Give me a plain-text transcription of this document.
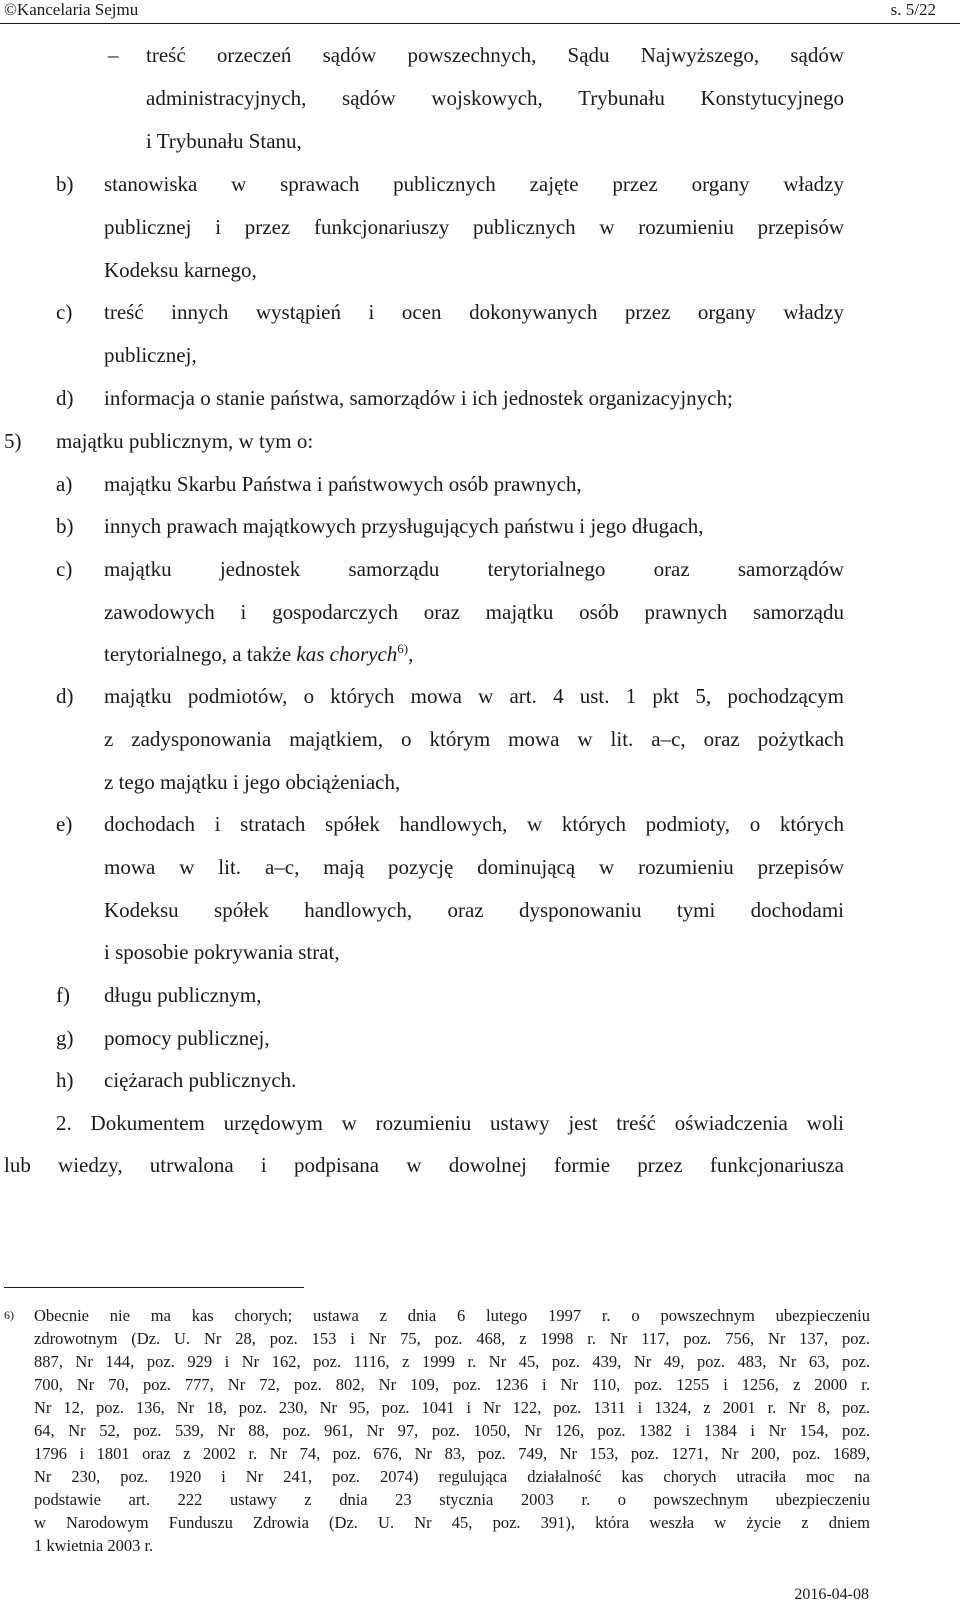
©Kancelaria Sejmu	s. 5/22
– treść orzeczeń sądów powszechnych, Sądu Najwyższego, sądów
administracyjnych, sądów wojskowych, Trybunału Konstytucyjnego
i Trybunału Stanu,
b) stanowiska w sprawach publicznych zajęte przez organy władzy
publicznej i przez funkcjonariuszy publicznych w rozumieniu przepisów
Kodeksu karnego,
c) treść innych wystąpień i ocen dokonywanych przez organy władzy
publicznej,
d) informacja o stanie państwa, samorządów i ich jednostek organizacyjnych;
5) majątku publicznym, w tym o:
a) majątku Skarbu Państwa i państwowych osób prawnych,
b) innych prawach majątkowych przysługujących państwu i jego długach,
c) majątku jednostek samorządu terytorialnego oraz samorządów
zawodowych i gospodarczych oraz majątku osób prawnych samorządu
terytorialnego, a także kas chorych$^{6)}$,
d) majątku podmiotów, o których mowa w art. 4 ust. 1 pkt 5, pochodzącym
z zadysponowania majątkiem, o którym mowa w lit. a–c, oraz pożytkach
z tego majątku i jego obciążeniach,
e) dochodach i stratach spółek handlowych, w których podmioty, o których
mowa w lit. a–c, mają pozycję dominującą w rozumieniu przepisów
Kodeksu spółek handlowych, oraz dysponowaniu tymi dochodami
i sposobie pokrywania strat,
f) długu publicznym,
g) pomocy publicznej,
h) ciężarach publicznych.
2. Dokumentem urzędowym w rozumieniu ustawy jest treść oświadczenia woli
lub wiedzy, utrwalona i podpisana w dowolnej formie przez funkcjonariusza
6) Obecnie nie ma kas chorych; ustawa z dnia 6 lutego 1997 r. o powszechnym ubezpieczeniu
zdrowotnym (Dz. U. Nr 28, poz. 153 i Nr 75, poz. 468, z 1998 r. Nr 117, poz. 756, Nr 137, poz.
887, Nr 144, poz. 929 i Nr 162, poz. 1116, z 1999 r. Nr 45, poz. 439, Nr 49, poz. 483, Nr 63, poz.
700, Nr 70, poz. 777, Nr 72, poz. 802, Nr 109, poz. 1236 i Nr 110, poz. 1255 i 1256, z 2000 r.
Nr 12, poz. 136, Nr 18, poz. 230, Nr 95, poz. 1041 i Nr 122, poz. 1311 i 1324, z 2001 r. Nr 8, poz.
64, Nr 52, poz. 539, Nr 88, poz. 961, Nr 97, poz. 1050, Nr 126, poz. 1382 i 1384 i Nr 154, poz.
1796 i 1801 oraz z 2002 r. Nr 74, poz. 676, Nr 83, poz. 749, Nr 153, poz. 1271, Nr 200, poz. 1689,
Nr 230, poz. 1920 i Nr 241, poz. 2074) regulująca działalność kas chorych utraciła moc na
podstawie art. 222 ustawy z dnia 23 stycznia 2003 r. o powszechnym ubezpieczeniu
w Narodowym Funduszu Zdrowia (Dz. U. Nr 45, poz. 391), która weszła w życie z dniem
1 kwietnia 2003 r.
2016-04-08
